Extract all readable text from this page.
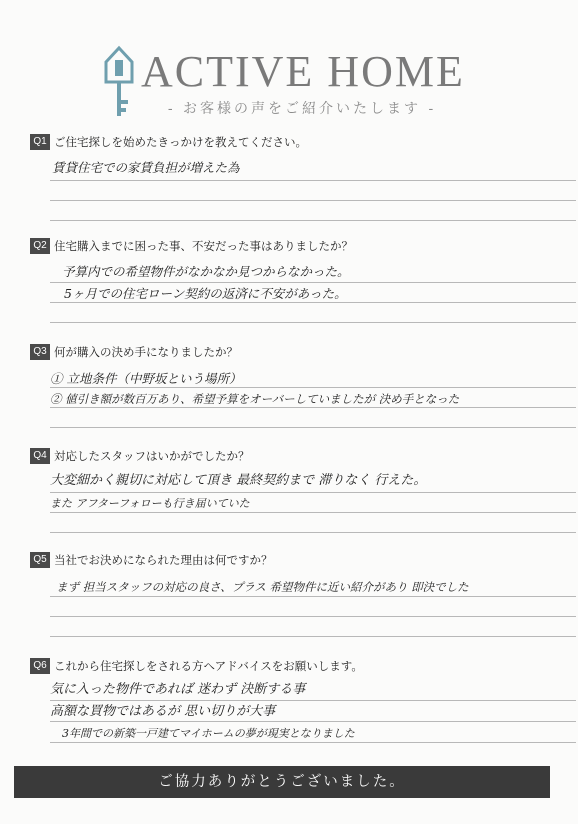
ACTIVE HOME
- お客様の声をご紹介いたします -
Q1 ご住宅探しを始めたきっかけを教えてください。
賃貸住宅での家賃負担が増えた為
Q2 住宅購入までに困った事、不安だった事はありましたか？
予算内での希望物件がなかなか見つからなかった。
5ヶ月での住宅ローン契約の返済に不安があった。
Q3 何が購入の決め手になりましたか？
① 立地条件（中野坂という場所）
② 値引き額が数百万あり、希望予算をオーバーしていましたが 決め手となった
Q4 対応したスタッフはいかがでしたか？
大変細かく親切に対応して頂き 最終契約まで 滞りなく 行えた。
また アフターフォローも行き届いていた
Q5 当社でお決めになられた理由は何ですか？
まず 担当スタッフの対応の良さ、プラス 希望物件に近い紹介があり 即決でした
Q6 これから住宅探しをされる方へアドバイスをお願いします。
気に入った物件であれば 迷わず 決断する事
高額な買物ではあるが 思い切りが大事
3年間での新築一戸建てマイホームの夢が現実となりました
ご協力ありがとうございました。
